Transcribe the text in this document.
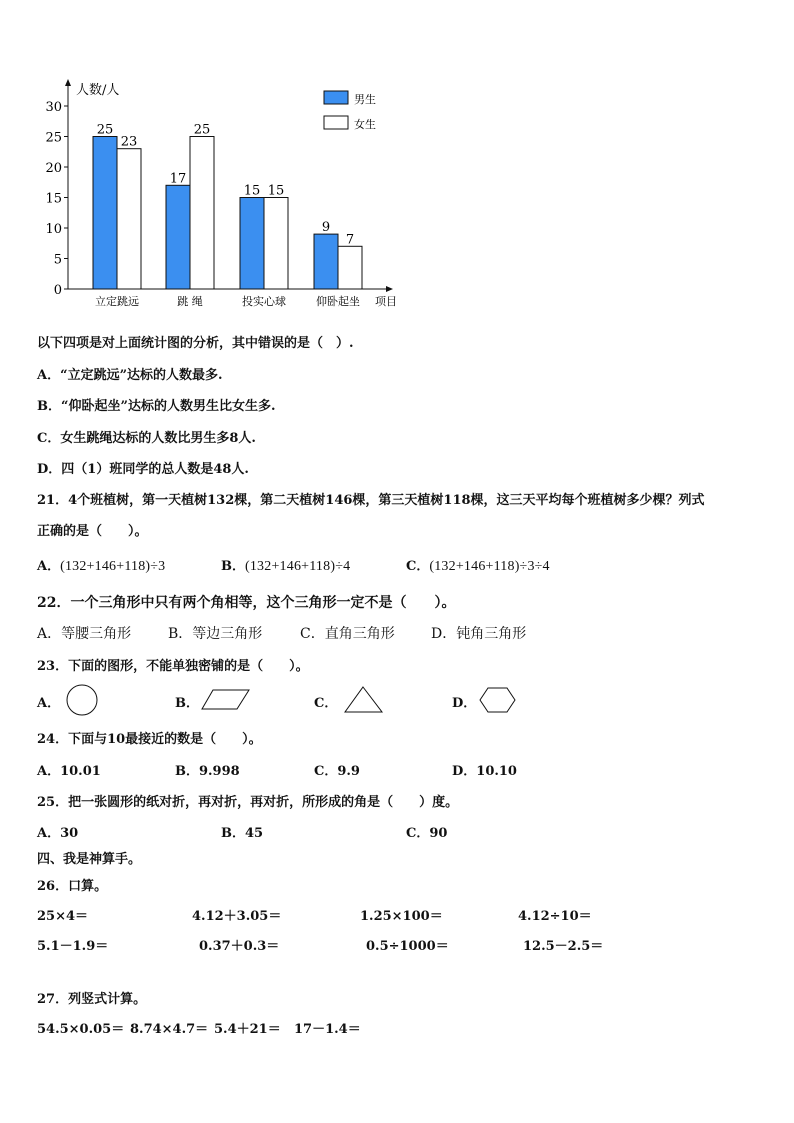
人数/人
项目
0
5
10
15
20
25
30
25
23
立定跳远
17
25
跳 绳
15 15
投实心球
9
7
仰卧起坐
男生
女生
以下四项是对上面统计图的分析，其中错误的是（　）.
A．“立定跳远”达标的人数最多.
B．“仰卧起坐”达标的人数男生比女生多.
C．女生跳绳达标的人数比男生多8人.
D．四（1）班同学的总人数是48人.
21．4个班植树，第一天植树132棵，第二天植树146棵，第三天植树118棵，这三天平均每个班植树多少棵？列式
正确的是（　　）。
A．(132+146+118)÷3	B．(132+146+118)÷4	C．(132+146+118)÷3÷4
22．一个三角形中只有两个角相等，这个三角形一定不是（　　）。
A．等腰三角形	B．等边三角形	C．直角三角形	D．钝角三角形
23．下面的图形，不能单独密铺的是（　　）。
A．	B．	C．	D．
24．下面与10最接近的数是（　　）。
A．10.01	B．9.998	C．9.9	D．10.10
25．把一张圆形的纸对折，再对折，再对折，所形成的角是（　　）度。
A．30	B．45	C．90
四、我是神算手。
26．口算。
25×4＝	4.12＋3.05＝	1.25×100＝	4.12÷10＝
5.1－1.9＝	0.37＋0.3＝	0.5÷1000＝	12.5－2.5＝
27．列竖式计算。
54.5×0.05＝ 8.74×4.7＝ 5.4＋21＝ 17－1.4＝
